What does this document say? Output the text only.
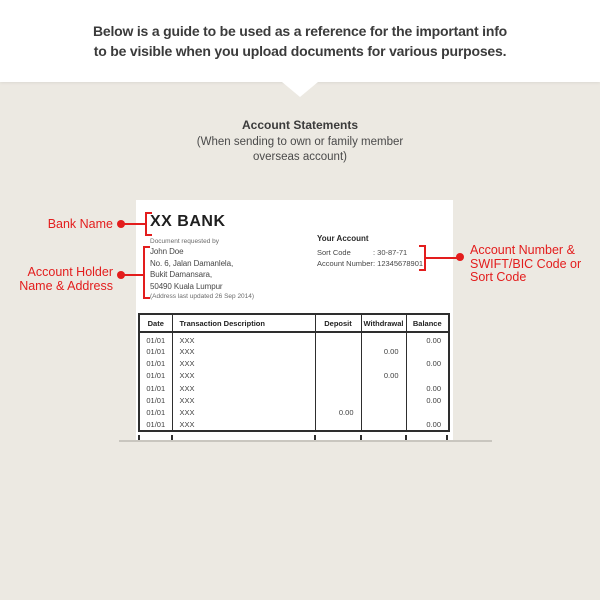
Below is a guide to be used as a reference for the important info
to be visible when you upload documents for various purposes.
Account Statements
(When sending to own or family member
overseas account)
XX BANK
Document requested by
John Doe
No. 6, Jalan Damanlela,
Bukit Damansara,
50490 Kuala Lumpur
(Address last updated 26 Sep 2014)
Your Account
Sort Code	: 30-87-71
Account Number: 12345678901
Date	Transaction Description	Deposit	Withdrawal	Balance
01/01	XXX			0.00
01/01	XXX		0.00	
01/01	XXX			0.00
01/01	XXX		0.00	
01/01	XXX			0.00
01/01	XXX			0.00
01/01	XXX	0.00		
01/01	XXX			0.00
Bank Name
Account Holder
Name & Address
Account Number &
SWIFT/BIC Code or
Sort Code
